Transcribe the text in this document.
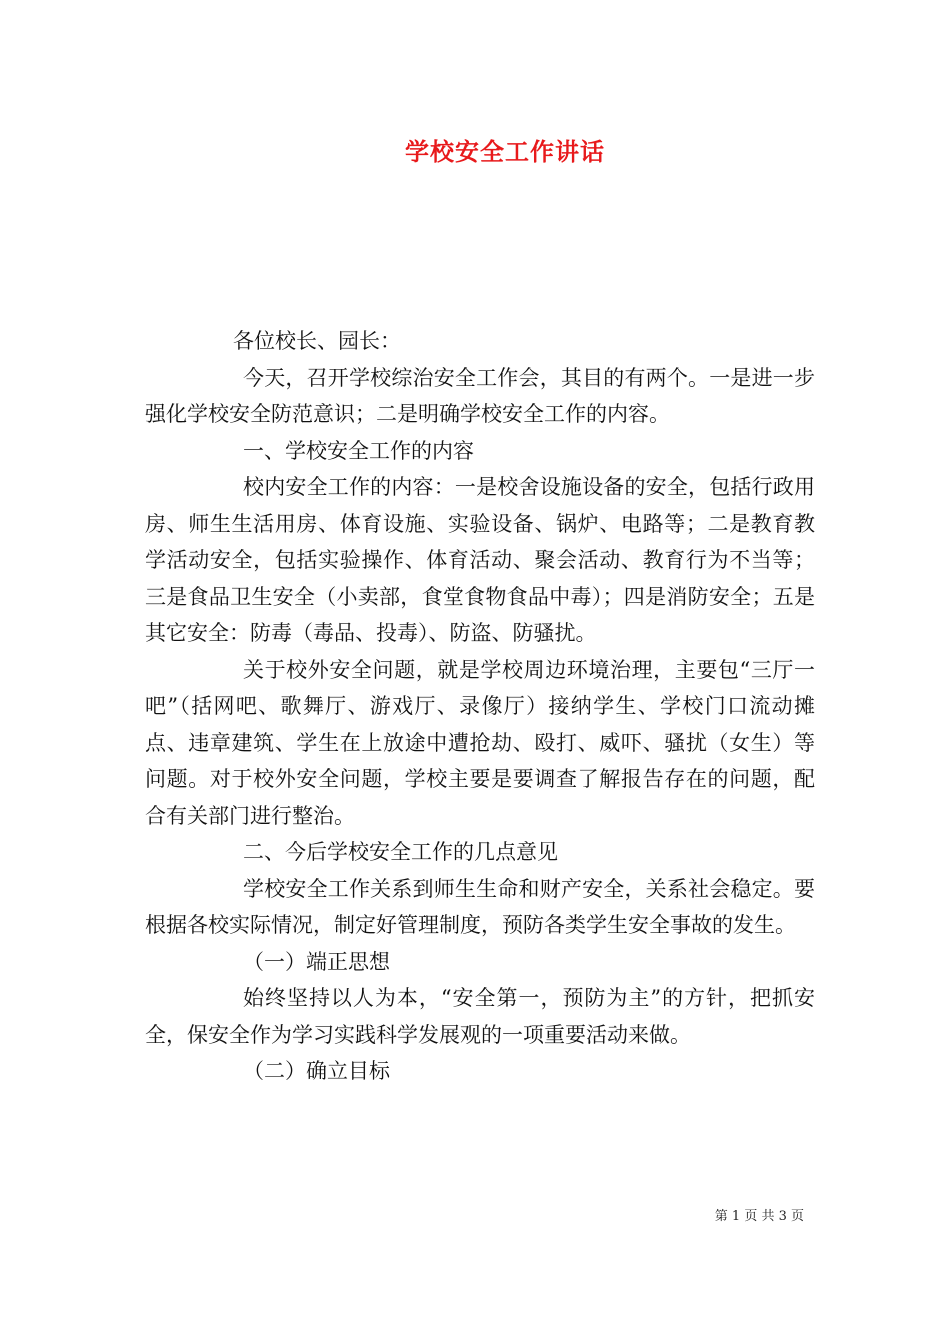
学校安全工作讲话

各位校长、园长：

今天，召开学校综治安全工作会，其目的有两个。一是进一步强化学校安全防范意识；二是明确学校安全工作的内容。

一、学校安全工作的内容

校内安全工作的内容：一是校舍设施设备的安全，包括行政用房、师生生活用房、体育设施、实验设备、锅炉、电路等；二是教育教学活动安全，包括实验操作、体育活动、聚会活动、教育行为不当等；三是食品卫生安全（小卖部，食堂食物食品中毒）；四是消防安全；五是其它安全：防毒（毒品、投毒）、防盗、防骚扰。

关于校外安全问题，就是学校周边环境治理，主要包“三厅一吧”（括网吧、歌舞厅、游戏厅、录像厅）接纳学生、学校门口流动摊点、违章建筑、学生在上放途中遭抢劫、殴打、威吓、骚扰（女生）等问题。对于校外安全问题，学校主要是要调查了解报告存在的问题，配合有关部门进行整治。

二、今后学校安全工作的几点意见

学校安全工作关系到师生生命和财产安全，关系社会稳定。要根据各校实际情况，制定好管理制度，预防各类学生安全事故的发生。

（一）端正思想

始终坚持以人为本，“安全第一，预防为主”的方针，把抓安全，保安全作为学习实践科学发展观的一项重要活动来做。

（二）确立目标

第 1 页 共 3 页
